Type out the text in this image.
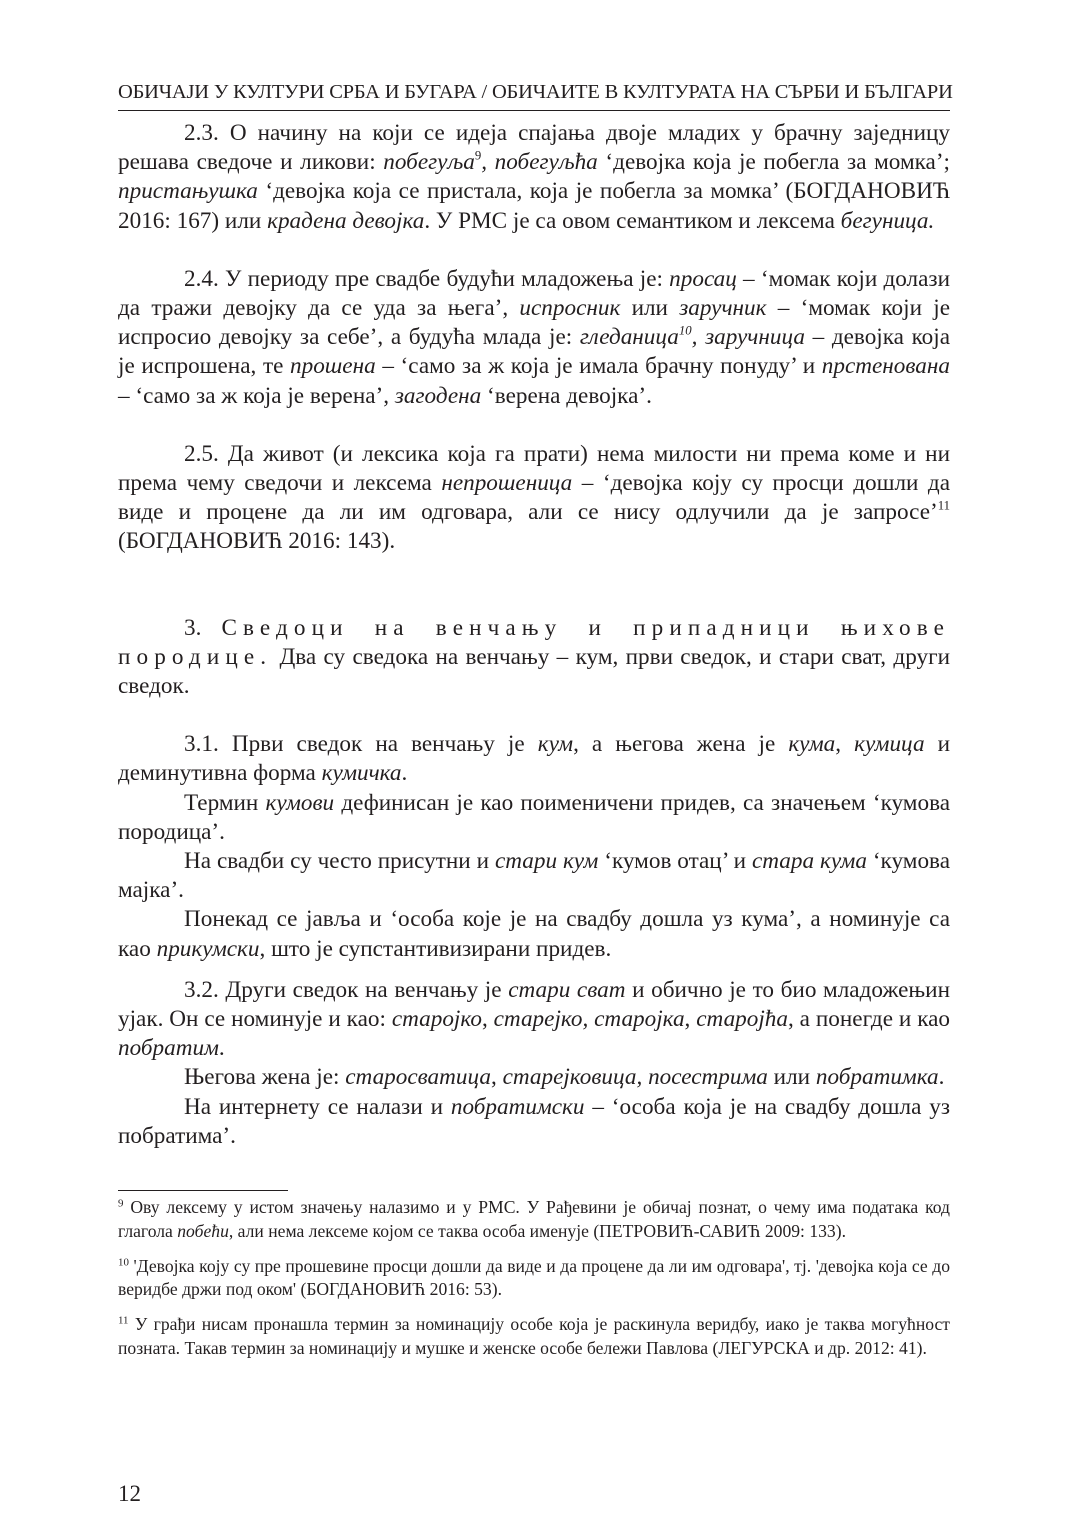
ОБИЧАЈИ У КУЛТУРИ СРБА И БУГАРА / ОБИЧАИТЕ В КУЛТУРАТА НА СЪРБИ И БЪЛГАРИ

2.3. О начину на који се идеја спајања двоје младих у брачну заједницу решава сведоче и ликови: побегуља$^9$, побегуљћа ‘девојка која је побегла за момка’; пристањушка ‘девојка која се пристала, која је побегла за момка’ (БОГДАНОВИЋ 2016: 167) или крадена девојка. У РМС је са овом семантиком и лексема бегуница.

2.4. У периоду пре свадбе будући младожења је: просац – ‘момак који долази да тражи девојку да се уда за њега’, испросник или заручник – ‘момак који је испросио девојку за себе’, а будућа млада је: гледаница$^{10}$, заручница – девојка која је испрошена, те прошена – ‘само за ж која је имала брачну понуду’ и прстенована – ‘само за ж која је верена’, загодена ‘верена девојка’.

2.5. Да живот (и лексика која га прати) нема милости ни према коме и ни према чему сведочи и лексема непрошеница – ‘девојка коју су просци дошли да виде и процене да ли им одговара, али се нису одлучили да је запросе’$^{11}$ (БОГДАНОВИЋ 2016: 143).

3. Сведоци на венчању и припадници њихове породице. Два су сведока на венчању – кум, први сведок, и стари сват, други сведок.

3.1. Први сведок на венчању је кум, а његова жена је кума, кумица и деминутивна форма кумичка.

Термин кумови дефинисан је као поименичени придев, са значењем ‘кумова породица’.

На свадби су често присутни и стари кум ‘кумов отац’ и стара кума ‘кумова мајка’.

Понекад се јавља и ‘особа које је на свадбу дошла уз кума’, а номинује са као прикумски, што је супстантивизирани придев.

3.2. Други сведок на венчању је стари сват и обично је то био младожењин ујак. Он се номинује и као: старојко, старејко, старојка, старојћа, а понегде и као побратим.

Његова жена је: старосватица, старејковица, посестрима или побратимка.

На интернету се налази и побратимски – ‘особа која је на свадбу дошла уз побратима’.

$^9$ Ову лексему у истом значењу налазимо и у РМС. У Рађевини је обичај познат, о чему има података код глагола побећи, али нема лексеме којом се таква особа именује (ПЕТРОВИЋ-САВИЋ 2009: 133).

$^{10}$ 'Девојка коју су пре прошевине просци дошли да виде и да процене да ли им одговара', тј. 'девојка која се до веридбе држи под оком' (БОГДАНОВИЋ 2016: 53).

$^{11}$ У грађи нисам пронашла термин за номинацију особе која је раскинула веридбу, иако је таква могућност позната. Такав термин за номинацију и мушке и женске особе бележи Павлова (ЛЕГУРСКА и др. 2012: 41).

12
